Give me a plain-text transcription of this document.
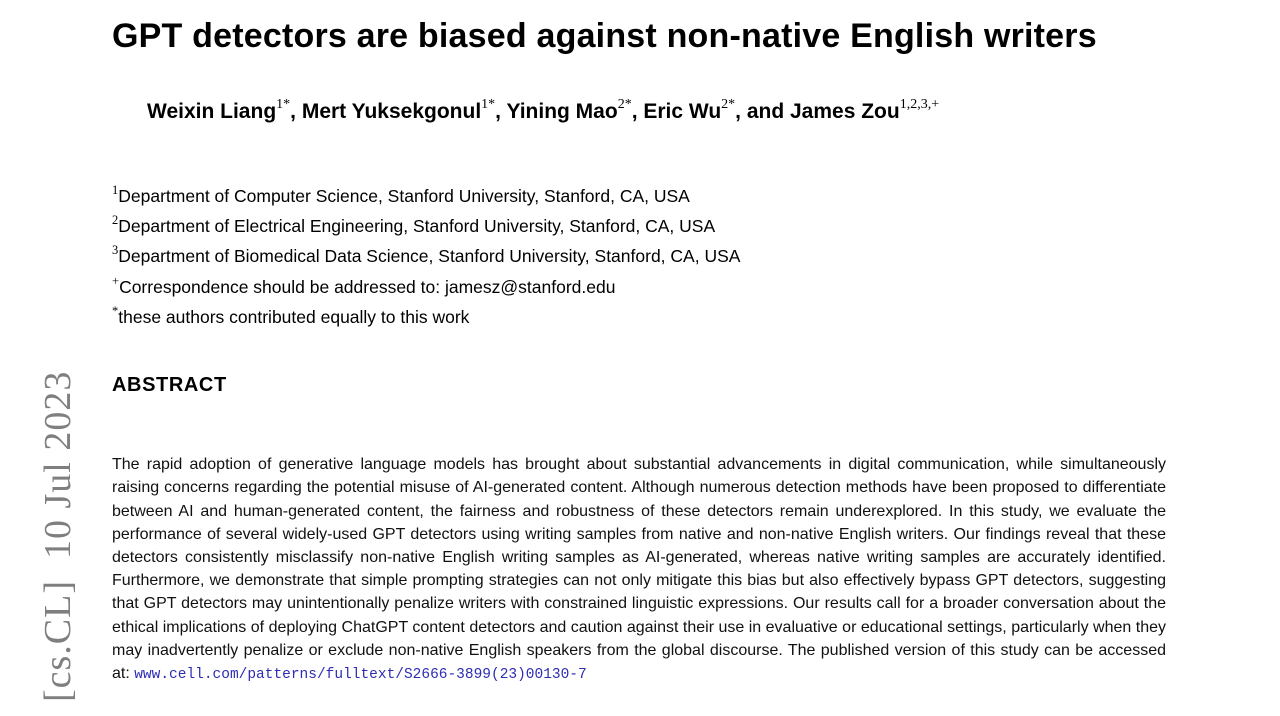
[cs.CL]  10 Jul 2023
GPT detectors are biased against non-native English writers

Weixin Liang$^{1*}$, Mert Yuksekgonul$^{1*}$, Yining Mao$^{2*}$, Eric $Wu^{2*}$, and James Zou$^{1,2,3,+}$

$^1$Department of Computer Science, Stanford University, Stanford, CA, USA
$^2$Department of Electrical Engineering, Stanford University, Stanford, CA, USA
$^3$Department of Biomedical Data Science, Stanford University, Stanford, CA, USA
+Correspondence should be addressed to: jamesz@stanford.edu
*these authors contributed equally to this work
ABSTRACT

The rapid adoption of generative language models has brought about substantial advancements in digital communication, while simultaneously raising concerns regarding the potential misuse of AI-generated content. Although numerous detection methods have been proposed to differentiate between AI and human-generated content, the fairness and robustness of these detectors remain underexplored. In this study, we evaluate the performance of several widely-used GPT detectors using writing samples from native and non-native English writers. Our findings reveal that these detectors consistently misclassify non-native English writing samples as AI-generated, whereas native writing samples are accurately identified. Furthermore, we demonstrate that simple prompting strategies can not only mitigate this bias but also effectively bypass GPT detectors, suggesting that GPT detectors may unintentionally penalize writers with constrained linguistic expressions. Our results call for a broader conversation about the ethical implications of deploying ChatGPT content detectors and caution against their use in evaluative or educational settings, particularly when they may inadvertently penalize or exclude non-native English speakers from the global discourse. The published version of this study can be accessed at: www.cell.com/patterns/fulltext/S2666-3899(23)00130-7
